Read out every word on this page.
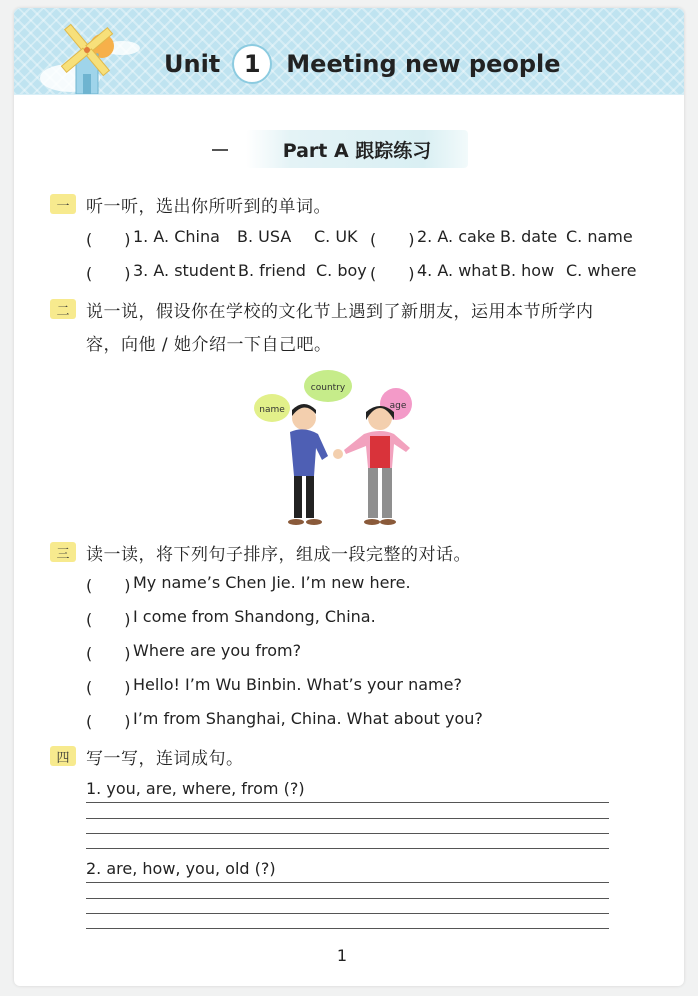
Unit 1	Meeting new people
Part A 跟踪练习
一 听一听，选出你所听到的单词。
(　　) 1. A. China B. USA C. UK (　　) 2. A. cake B. date C. name
(　　) 3. A. student B. friend C. boy (　　) 4. A. what B. how C. where
二 说一说，假设你在学校的文化节上遇到了新朋友，运用本节所学内
容，向他 / 她介绍一下自己吧。
name
country
age
三 读一读，将下列句子排序，组成一段完整的对话。
(　　) My name’s Chen Jie. I’m new here.
(　　) I come from Shandong, China.
(　　) Where are you from?
(　　) Hello! I’m Wu Binbin. What’s your name?
(　　) I’m from Shanghai, China. What about you?
四 写一写，连词成句。
1. you, are, where, from (?)
2. are, how, you, old (?)
1
